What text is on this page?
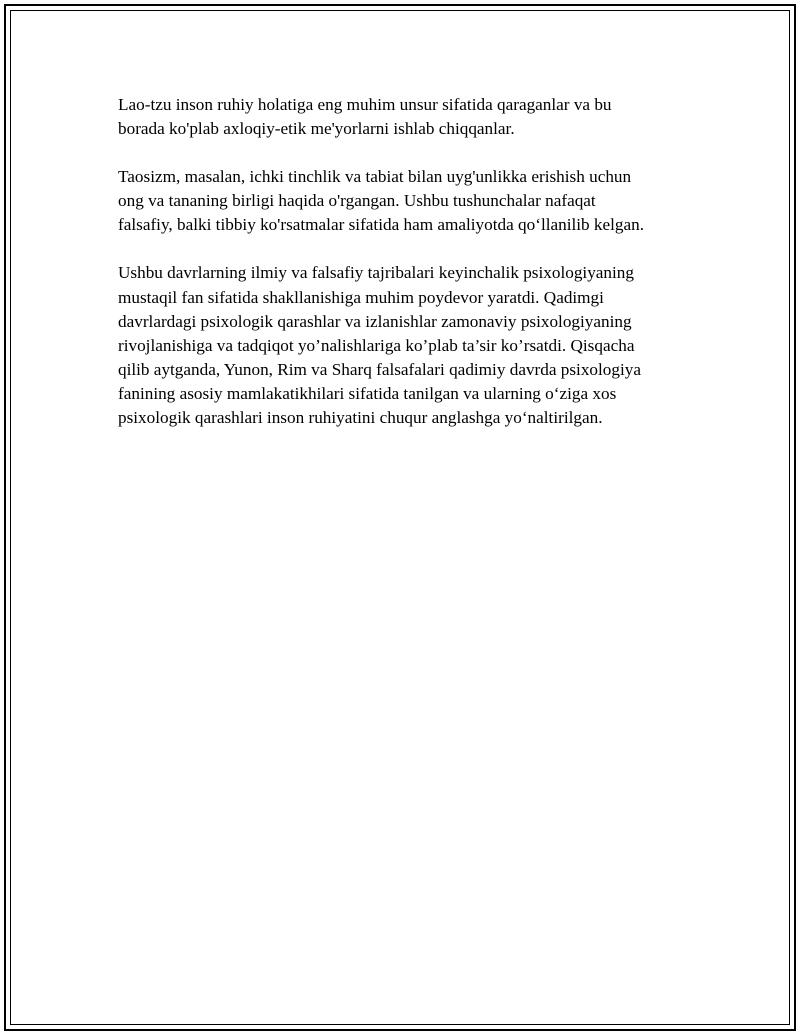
Lao-tzu inson ruhiy holatiga eng muhim unsur sifatida qaraganlar va bu
borada ko'plab axloqiy-etik me'yorlarni ishlab chiqqanlar.

Taosizm, masalan, ichki tinchlik va tabiat bilan uyg'unlikka erishish uchun
ong va tananing birligi haqida o'rgangan. Ushbu tushunchalar nafaqat
falsafiy, balki tibbiy ko'rsatmalar sifatida ham amaliyotda qo‘llanilib kelgan.

Ushbu davrlarning ilmiy va falsafiy tajribalari keyinchalik psixologiyaning
mustaqil fan sifatida shakllanishiga muhim poydevor yaratdi. Qadimgi
davrlardagi psixologik qarashlar va izlanishlar zamonaviy psixologiyaning
rivojlanishiga va tadqiqot yo’nalishlariga ko’plab ta’sir ko’rsatdi. Qisqacha
qilib aytganda, Yunon, Rim va Sharq falsafalari qadimiy davrda psixologiya
fanining asosiy mamlakatikhilari sifatida tanilgan va ularning o‘ziga xos
psixologik qarashlari inson ruhiyatini chuqur anglashga yo‘naltirilgan.
